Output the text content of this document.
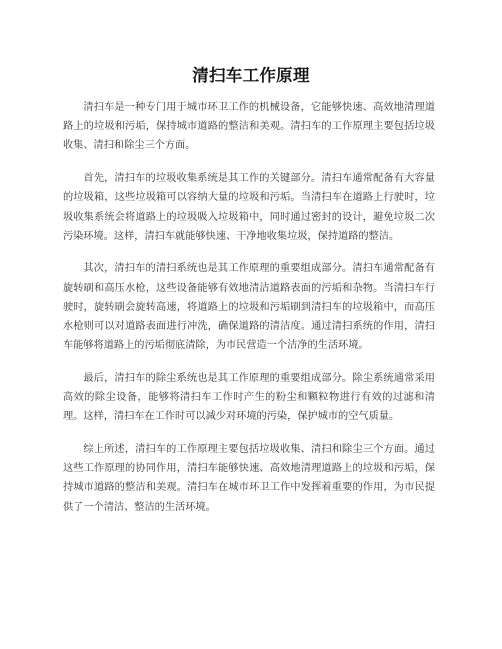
清扫车工作原理

清扫车是一种专门用于城市环卫工作的机械设备，它能够快速、高效地清理道路上的垃圾和污垢，保持城市道路的整洁和美观。清扫车的工作原理主要包括垃圾收集、清扫和除尘三个方面。

首先，清扫车的垃圾收集系统是其工作的关键部分。清扫车通常配备有大容量的垃圾箱，这些垃圾箱可以容纳大量的垃圾和污垢。当清扫车在道路上行驶时，垃圾收集系统会将道路上的垃圾吸入垃圾箱中，同时通过密封的设计，避免垃圾二次污染环境。这样，清扫车就能够快速、干净地收集垃圾，保持道路的整洁。

其次，清扫车的清扫系统也是其工作原理的重要组成部分。清扫车通常配备有旋转刷和高压水枪，这些设备能够有效地清洁道路表面的污垢和杂物。当清扫车行驶时，旋转刷会旋转高速，将道路上的垃圾和污垢刷到清扫车的垃圾箱中，而高压水枪则可以对道路表面进行冲洗，确保道路的清洁度。通过清扫系统的作用，清扫车能够将道路上的污垢彻底清除，为市民营造一个洁净的生活环境。

最后，清扫车的除尘系统也是其工作原理的重要组成部分。除尘系统通常采用高效的除尘设备，能够将清扫车工作时产生的粉尘和颗粒物进行有效的过滤和清理。这样，清扫车在工作时可以减少对环境的污染，保护城市的空气质量。

综上所述，清扫车的工作原理主要包括垃圾收集、清扫和除尘三个方面。通过这些工作原理的协同作用，清扫车能够快速、高效地清理道路上的垃圾和污垢，保持城市道路的整洁和美观。清扫车在城市环卫工作中发挥着重要的作用，为市民提供了一个清洁、整洁的生活环境。
